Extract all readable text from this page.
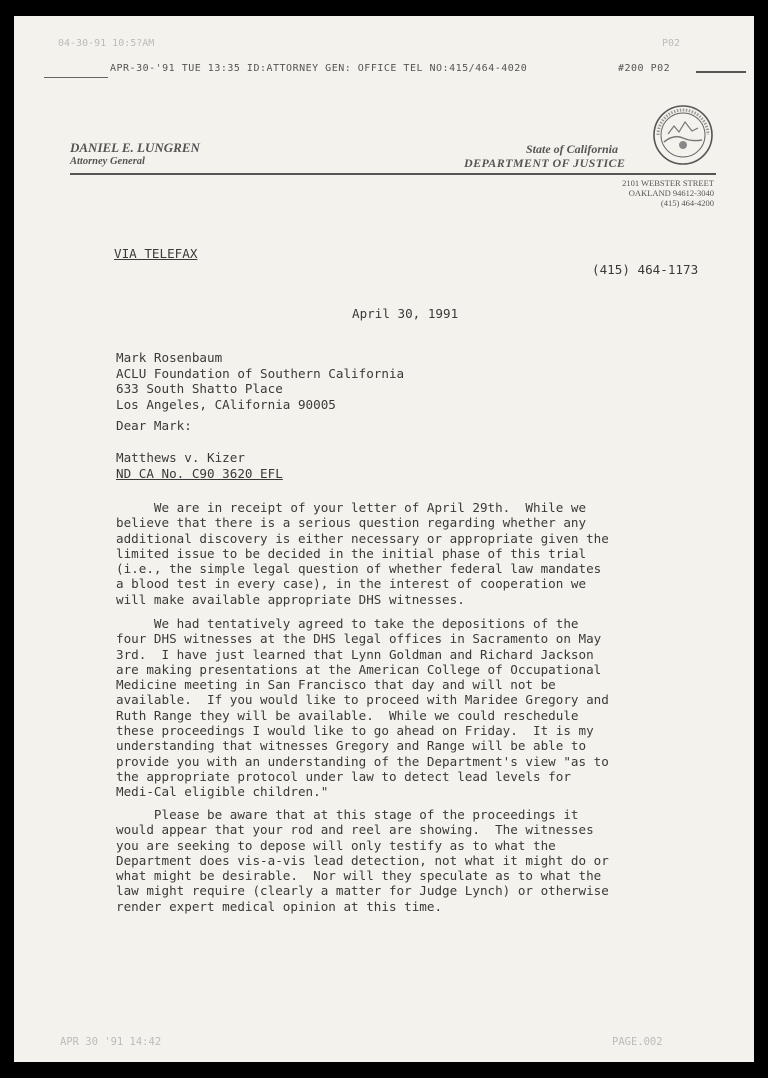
04-30-91 10:5?AM	P02
APR-30-'91 TUE 13:35 ID:ATTORNEY GEN: OFFICE TEL NO:415/464-4020	#200 P02
DANIEL E. LUNGREN
Attorney General
State of California
DEPARTMENT OF JUSTICE
2101 WEBSTER STREET
OAKLAND 94612-3040
(415) 464-4200
VIA TELEFAX
(415) 464-1173
April 30, 1991
Mark Rosenbaum
ACLU Foundation of Southern California
633 South Shatto Place
Los Angeles, CAlifornia 90005
Dear Mark:
Matthews v. Kizer
ND CA No. C90 3620 EFL
We are in receipt of your letter of April 29th.  While we
believe that there is a serious question regarding whether any
additional discovery is either necessary or appropriate given the
limited issue to be decided in the initial phase of this trial
(i.e., the simple legal question of whether federal law mandates
a blood test in every case), in the interest of cooperation we
will make available appropriate DHS witnesses.
We had tentatively agreed to take the depositions of the
four DHS witnesses at the DHS legal offices in Sacramento on May
3rd.  I have just learned that Lynn Goldman and Richard Jackson
are making presentations at the American College of Occupational
Medicine meeting in San Francisco that day and will not be
available.  If you would like to proceed with Maridee Gregory and
Ruth Range they will be available.  While we could reschedule
these proceedings I would like to go ahead on Friday.  It is my
understanding that witnesses Gregory and Range will be able to
provide you with an understanding of the Department's view "as to
the appropriate protocol under law to detect lead levels for
Medi-Cal eligible children."
Please be aware that at this stage of the proceedings it
would appear that your rod and reel are showing.  The witnesses
you are seeking to depose will only testify as to what the
Department does vis-a-vis lead detection, not what it might do or
what might be desirable.  Nor will they speculate as to what the
law might require (clearly a matter for Judge Lynch) or otherwise
render expert medical opinion at this time.
APR 30 '91 14:42	PAGE.002
